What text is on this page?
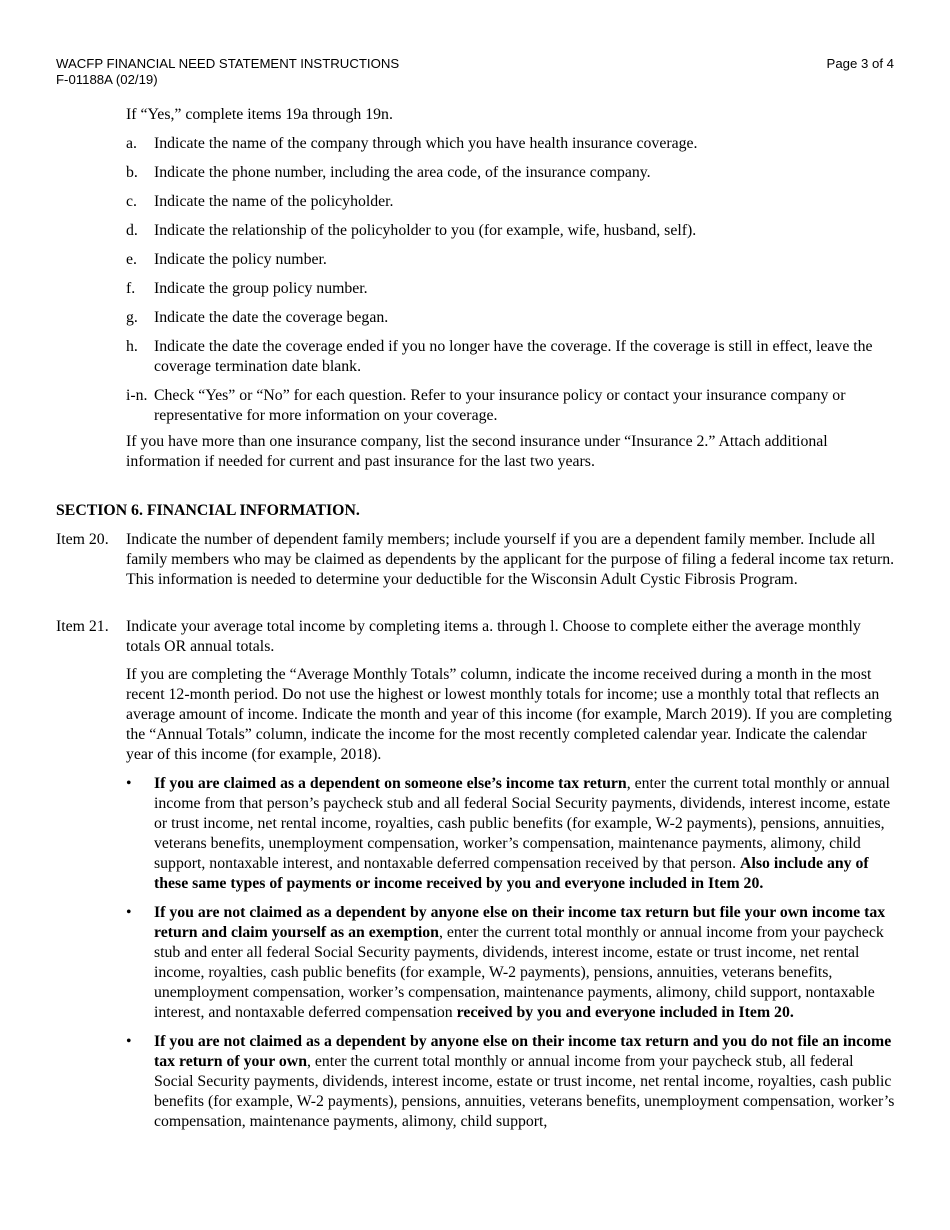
WACFP FINANCIAL NEED STATEMENT INSTRUCTIONS
F-01188A (02/19)
Page 3 of 4
If “Yes,” complete items 19a through 19n.
a.	Indicate the name of the company through which you have health insurance coverage.
b.	Indicate the phone number, including the area code, of the insurance company.
c.	Indicate the name of the policyholder.
d.	Indicate the relationship of the policyholder to you (for example, wife, husband, self).
e.	Indicate the policy number.
f.	Indicate the group policy number.
g.	Indicate the date the coverage began.
h.	Indicate the date the coverage ended if you no longer have the coverage. If the coverage is still in effect, leave the coverage termination date blank.
i-n. Check “Yes” or “No” for each question. Refer to your insurance policy or contact your insurance company or representative for more information on your coverage.
If you have more than one insurance company, list the second insurance under “Insurance 2.” Attach additional information if needed for current and past insurance for the last two years.
SECTION 6. FINANCIAL INFORMATION.
Item 20.	Indicate the number of dependent family members; include yourself if you are a dependent family member. Include all family members who may be claimed as dependents by the applicant for the purpose of filing a federal income tax return. This information is needed to determine your deductible for the Wisconsin Adult Cystic Fibrosis Program.
Item 21.	Indicate your average total income by completing items a. through l. Choose to complete either the average monthly totals OR annual totals.
If you are completing the “Average Monthly Totals” column, indicate the income received during a month in the most recent 12-month period. Do not use the highest or lowest monthly totals for income; use a monthly total that reflects an average amount of income. Indicate the month and year of this income (for example, March 2019). If you are completing the “Annual Totals” column, indicate the income for the most recently completed calendar year. Indicate the calendar year of this income (for example, 2018).
•	If you are claimed as a dependent on someone else’s income tax return, enter the current total monthly or annual income from that person’s paycheck stub and all federal Social Security payments, dividends, interest income, estate or trust income, net rental income, royalties, cash public benefits (for example, W-2 payments), pensions, annuities, veterans benefits, unemployment compensation, worker’s compensation, maintenance payments, alimony, child support, nontaxable interest, and nontaxable deferred compensation received by that person. Also include any of these same types of payments or income received by you and everyone included in Item 20.
•	If you are not claimed as a dependent by anyone else on their income tax return but file your own income tax return and claim yourself as an exemption, enter the current total monthly or annual income from your paycheck stub and enter all federal Social Security payments, dividends, interest income, estate or trust income, net rental income, royalties, cash public benefits (for example, W-2 payments), pensions, annuities, veterans benefits, unemployment compensation, worker’s compensation, maintenance payments, alimony, child support, nontaxable interest, and nontaxable deferred compensation received by you and everyone included in Item 20.
•	If you are not claimed as a dependent by anyone else on their income tax return and you do not file an income tax return of your own, enter the current total monthly or annual income from your paycheck stub, all federal Social Security payments, dividends, interest income, estate or trust income, net rental income, royalties, cash public benefits (for example, W-2 payments), pensions, annuities, veterans benefits, unemployment compensation, worker’s compensation, maintenance payments, alimony, child support,
